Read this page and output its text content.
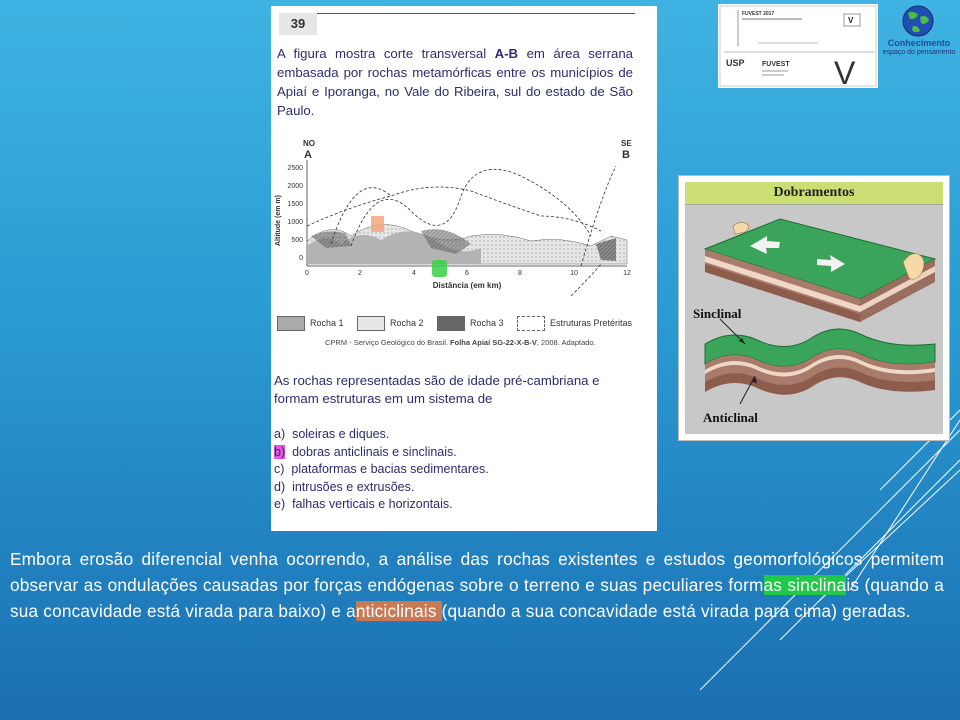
39
A figura mostra corte transversal A-B em área serrana embasada por rochas metamórficas entre os municípios de Apiaí e Iporanga, no Vale do Ribeira, sul do estado de São Paulo.
NO
A
SE
B
Altitude (em m)
2500
2000
1500
1000
500
0
0	2	4	6	8	10	12
Distância (em km)
Rocha 1	Rocha 2	Rocha 3	Estruturas Pretéritas
CPRM - Serviço Geológico do Brasil. Folha Apiaí SG-22-X-B-V, 2008. Adaptado.
As rochas representadas são de idade pré-cambriana e formam estruturas em um sistema de
a) soleiras e diques.
b) dobras anticlinais e sinclinais.
c) plataformas e bacias sedimentares.
d) intrusões e extrusões.
e) falhas verticais e horizontais.
FUVEST 2017
V
USP FUVEST V
Conhecimento
espaço do pensamento
Dobramentos
Sinclinal
Anticlinal
Embora erosão diferencial venha ocorrendo, a análise das rochas existentes e estudos geomorfológicos permitem observar as ondulações causadas por forças endógenas sobre o terreno e suas peculiares formas sinclinais (quando a sua concavidade está virada para baixo) e anticiclinais (quando a sua concavidade está virada para cima) geradas.
